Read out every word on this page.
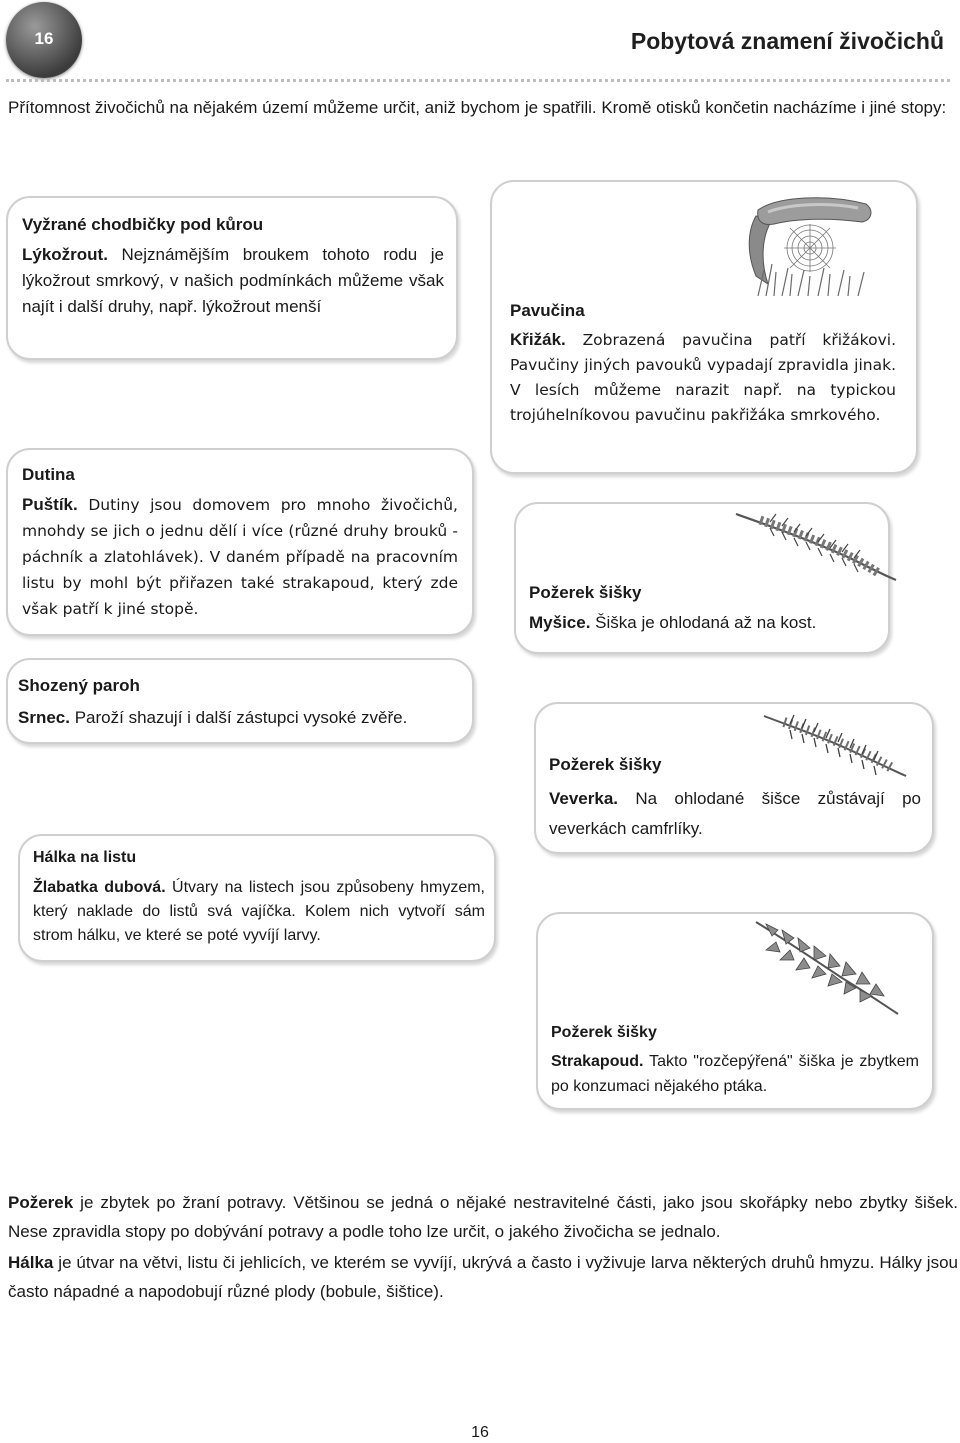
16	Pobytová znamení živočichů
Přítomnost živočichů na nějakém území můžeme určit, aniž bychom je spatřili. Kromě otisků končetin nacházíme i jiné stopy:
Vyžrané chodbičky pod kůrou
Lýkožrout. Nejznámějším broukem tohoto rodu je lýkožrout smrkový, v našich podmínkách můžeme však najít i další druhy, např. lýkožrout menší	Pavučina
Křižák. Zobrazená pavučina patří křižákovi. Pavučiny jiných pavouků vypadají zpravidla jinak. V lesích můžeme narazit např. na typickou trojúhelníkovou pavučinu pakřižáka smrkového.
Dutina
Puštík. Dutiny jsou domovem pro mnoho živočichů, mnohdy se jich o jednu dělí i více (různé druhy brouků - páchník a zlatohlávek). V daném případě na pracovním listu by mohl být přiřazen také strakapoud, který zde však patří k jiné stopě.
Požerek šišky
Myšice. Šiška je ohlodaná až na kost.
Shozený paroh
Srnec. Paroží shazují i další zástupci vysoké zvěře.
Požerek šišky
Veverka. Na ohlodané šišce zůstávají po veverkách camfrlíky.
Hálka na listu
Žlabatka dubová. Útvary na listech jsou způsobeny hmyzem, který naklade do listů svá vajíčka. Kolem nich vytvoří sám strom hálku, ve které se poté vyvíjí larvy.
Požerek šišky
Strakapoud. Takto "rozčepýřená" šiška je zbytkem po konzumaci nějakého ptáka.
Požerek je zbytek po žraní potravy. Většinou se jedná o nějaké nestravitelné části, jako jsou skořápky nebo zbytky šišek. Nese zpravidla stopy po dobývání potravy a podle toho lze určit, o jakého živočicha se jednalo.
Hálka je útvar na větvi, listu či jehlicích, ve kterém se vyvíjí, ukrývá a často i vyživuje larva některých druhů hmyzu. Hálky jsou často nápadné a napodobují různé plody (bobule, šištice).
16
